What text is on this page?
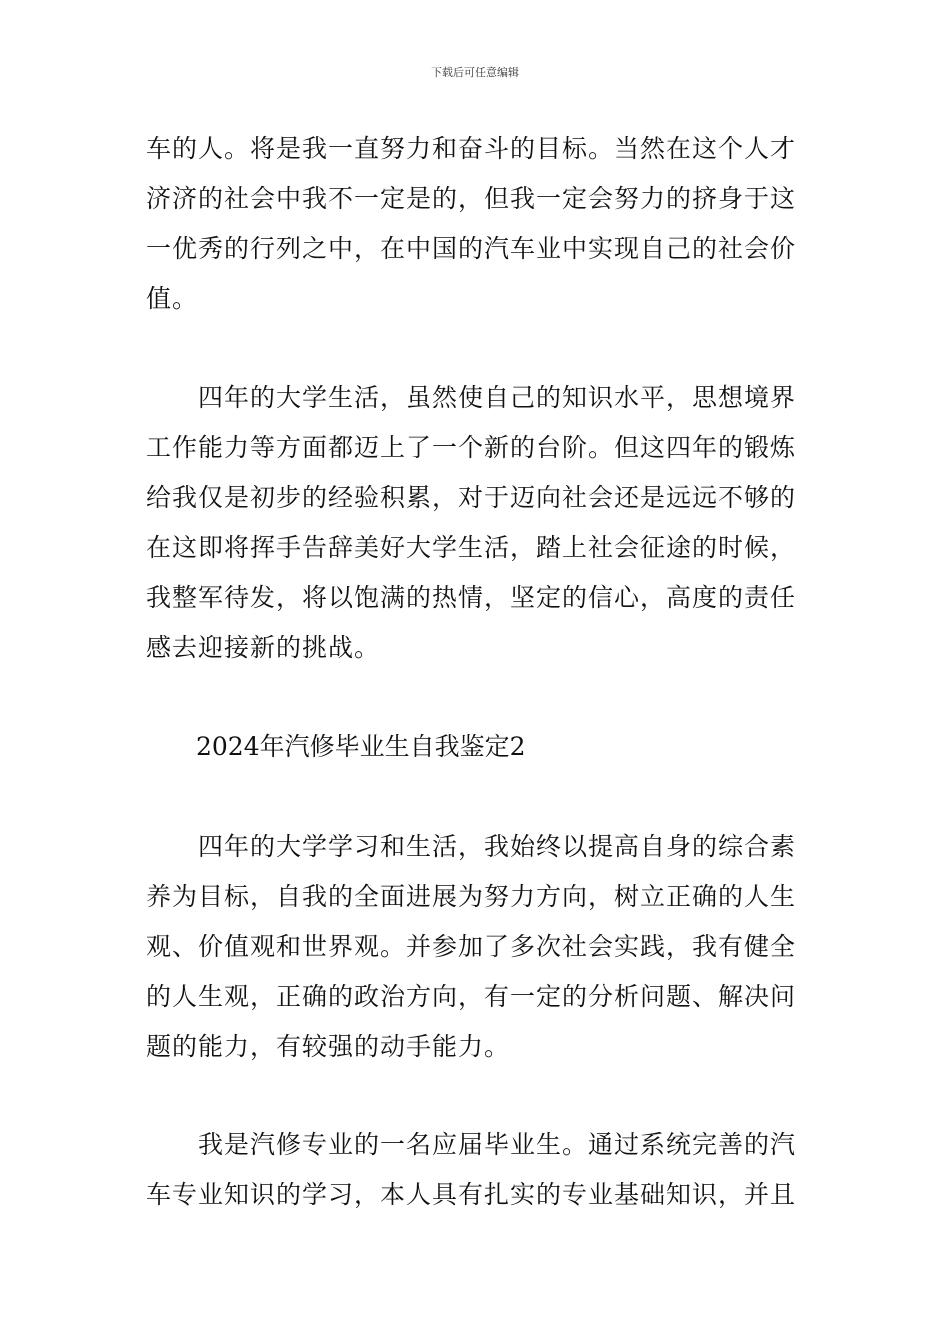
下载后可任意编辑
车的人。将是我一直努力和奋斗的目标。当然在这个人才
济济的社会中我不一定是的，但我一定会努力的挤身于这
一优秀的行列之中，在中国的汽车业中实现自己的社会价
值。
四年的大学生活，虽然使自己的知识水平，思想境界
工作能力等方面都迈上了一个新的台阶。但这四年的锻炼
给我仅是初步的经验积累，对于迈向社会还是远远不够的
在这即将挥手告辞美好大学生活，踏上社会征途的时候，
我整军待发，将以饱满的热情，坚定的信心，高度的责任
感去迎接新的挑战。
2024年汽修毕业生自我鉴定2
四年的大学学习和生活，我始终以提高自身的综合素
养为目标，自我的全面进展为努力方向，树立正确的人生
观、价值观和世界观。并参加了多次社会实践，我有健全
的人生观，正确的政治方向，有一定的分析问题、解决问
题的能力，有较强的动手能力。
我是汽修专业的一名应届毕业生。通过系统完善的汽
车专业知识的学习，本人具有扎实的专业基础知识，并且
